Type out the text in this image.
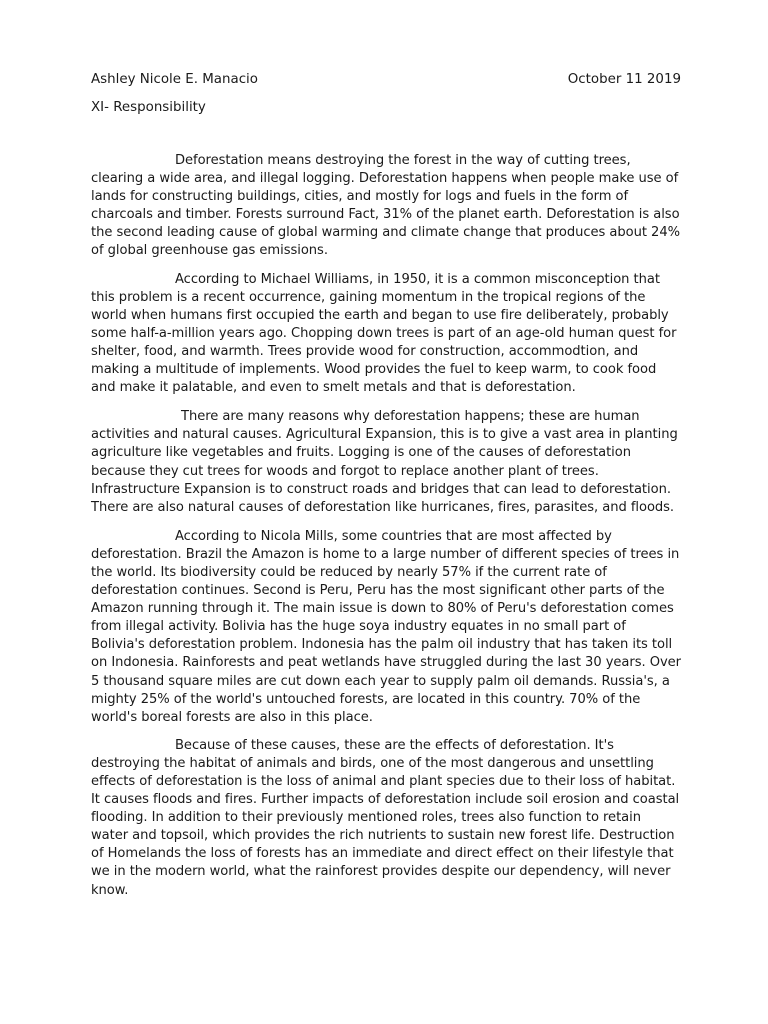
Ashley Nicole E. Manacio	October 11 2019
XI- Responsibility

Deforestation means destroying the forest in the way of cutting trees, clearing a wide area, and illegal logging. Deforestation happens when people make use of lands for constructing buildings, cities, and mostly for logs and fuels in the form of charcoals and timber. Forests surround Fact, 31% of the planet earth. Deforestation is also the second leading cause of global warming and climate change that produces about 24% of global greenhouse gas emissions.

According to Michael Williams, in 1950, it is a common misconception that this problem is a recent occurrence, gaining momentum in the tropical regions of the world when humans first occupied the earth and began to use fire deliberately, probably some half-a-million years ago. Chopping down trees is part of an age-old human quest for shelter, food, and warmth. Trees provide wood for construction, accommodtion, and making a multitude of implements. Wood provides the fuel to keep warm, to cook food and make it palatable, and even to smelt metals and that is deforestation.

There are many reasons why deforestation happens; these are human activities and natural causes. Agricultural Expansion, this is to give a vast area in planting agriculture like vegetables and fruits. Logging is one of the causes of deforestation because they cut trees for woods and forgot to replace another plant of trees. Infrastructure Expansion is to construct roads and bridges that can lead to deforestation. There are also natural causes of deforestation like hurricanes, fires, parasites, and floods.

According to Nicola Mills, some countries that are most affected by deforestation. Brazil the Amazon is home to a large number of different species of trees in the world. Its biodiversity could be reduced by nearly 57% if the current rate of deforestation continues. Second is Peru, Peru has the most significant other parts of the Amazon running through it. The main issue is down to 80% of Peru's deforestation comes from illegal activity. Bolivia has the huge soya industry equates in no small part of Bolivia's deforestation problem. Indonesia has the palm oil industry that has taken its toll on Indonesia. Rainforests and peat wetlands have struggled during the last 30 years. Over 5 thousand square miles are cut down each year to supply palm oil demands. Russia's, a mighty 25% of the world's untouched forests, are located in this country. 70% of the world's boreal forests are also in this place.

Because of these causes, these are the effects of deforestation. It's destroying the habitat of animals and birds, one of the most dangerous and unsettling effects of deforestation is the loss of animal and plant species due to their loss of habitat. It causes floods and fires. Further impacts of deforestation include soil erosion and coastal flooding. In addition to their previously mentioned roles, trees also function to retain water and topsoil, which provides the rich nutrients to sustain new forest life. Destruction of Homelands the loss of forests has an immediate and direct effect on their lifestyle that we in the modern world, what the rainforest provides despite our dependency, will never know.
